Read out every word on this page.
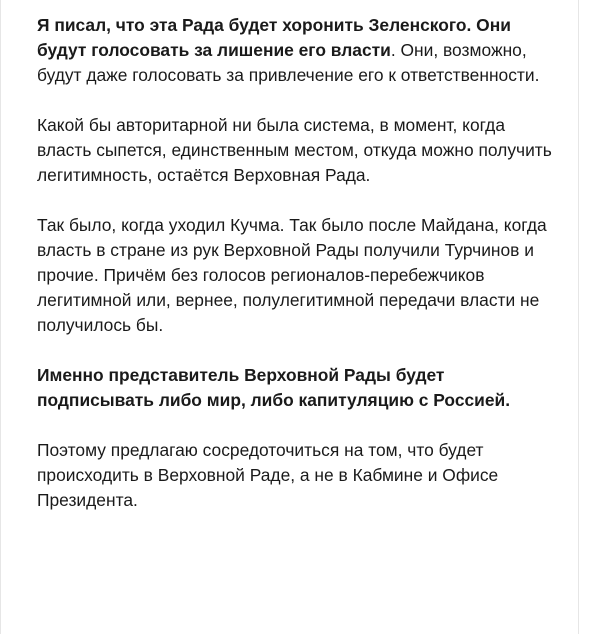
Я писал, что эта Рада будет хоронить Зеленского. Они будут голосовать за лишение его власти. Они, возможно, будут даже голосовать за привлечение его к ответственности.

Какой бы авторитарной ни была система, в момент, когда власть сыпется, единственным местом, откуда можно получить легитимность, остаётся Верховная Рада.

Так было, когда уходил Кучма. Так было после Майдана, когда власть в стране из рук Верховной Рады получили Турчинов и прочие. Причём без голосов регионалов-перебежчиков легитимной или, вернее, полулегитимной передачи власти не получилось бы.

Именно представитель Верховной Рады будет подписывать либо мир, либо капитуляцию с Россией.

Поэтому предлагаю сосредоточиться на том, что будет происходить в Верховной Раде, а не в Кабмине и Офисе Президента.
